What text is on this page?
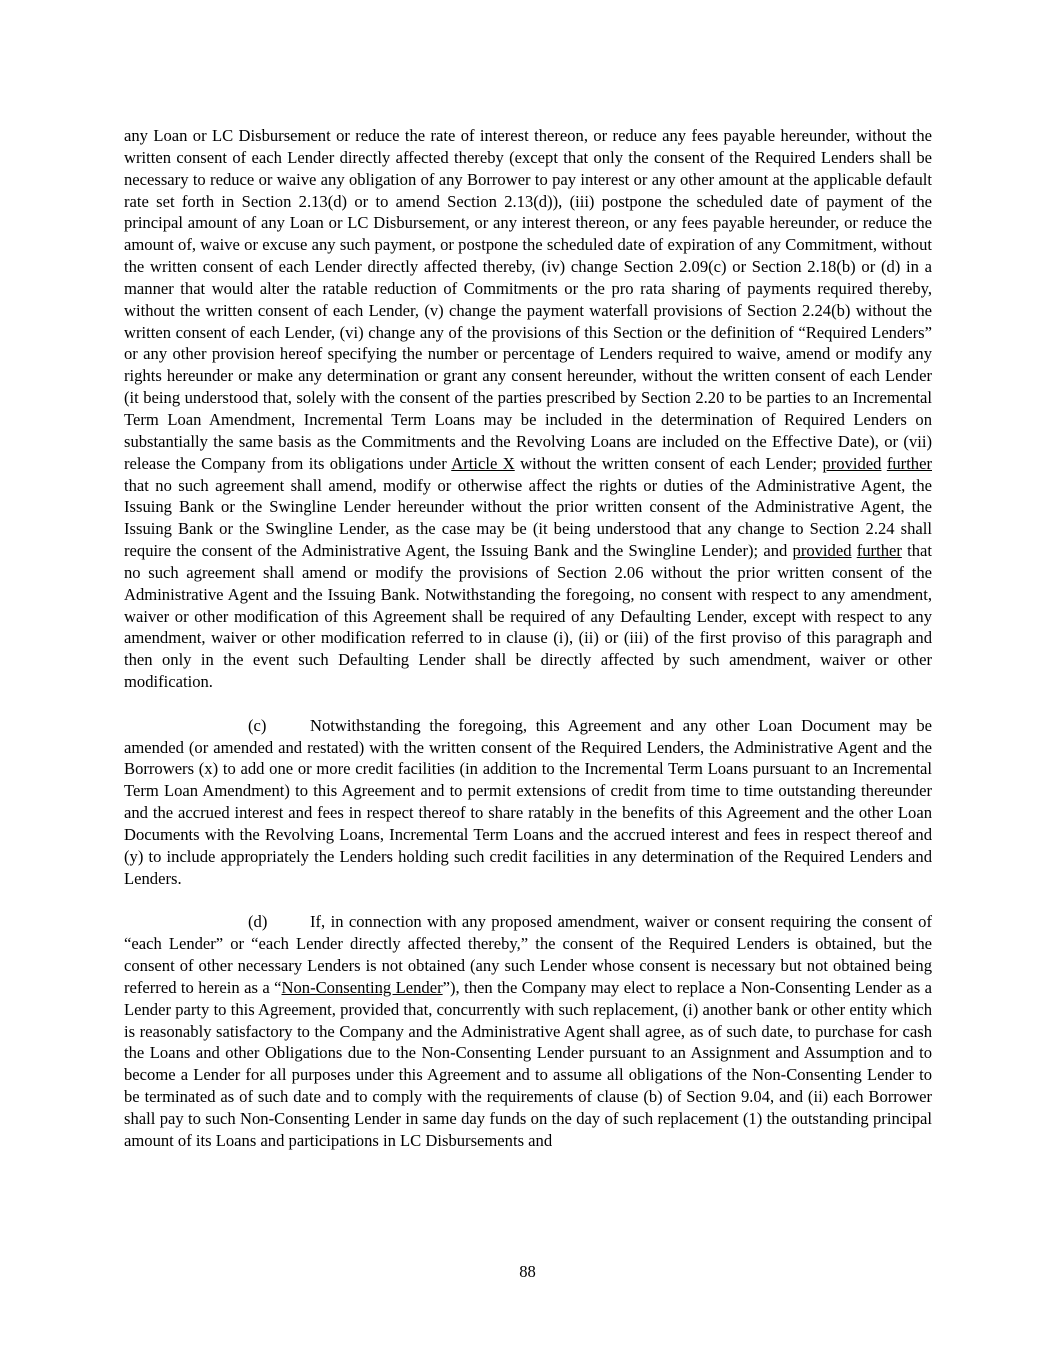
any Loan or LC Disbursement or reduce the rate of interest thereon, or reduce any fees payable hereunder, without the written consent of each Lender directly affected thereby (except that only the consent of the Required Lenders shall be necessary to reduce or waive any obligation of any Borrower to pay interest or any other amount at the applicable default rate set forth in Section 2.13(d) or to amend Section 2.13(d)), (iii) postpone the scheduled date of payment of the principal amount of any Loan or LC Disbursement, or any interest thereon, or any fees payable hereunder, or reduce the amount of, waive or excuse any such payment, or postpone the scheduled date of expiration of any Commitment, without the written consent of each Lender directly affected thereby, (iv) change Section 2.09(c) or Section 2.18(b) or (d) in a manner that would alter the ratable reduction of Commitments or the pro rata sharing of payments required thereby, without the written consent of each Lender, (v) change the payment waterfall provisions of Section 2.24(b) without the written consent of each Lender, (vi) change any of the provisions of this Section or the definition of “Required Lenders” or any other provision hereof specifying the number or percentage of Lenders required to waive, amend or modify any rights hereunder or make any determination or grant any consent hereunder, without the written consent of each Lender (it being understood that, solely with the consent of the parties prescribed by Section 2.20 to be parties to an Incremental Term Loan Amendment, Incremental Term Loans may be included in the determination of Required Lenders on substantially the same basis as the Commitments and the Revolving Loans are included on the Effective Date), or (vii) release the Company from its obligations under Article X without the written consent of each Lender; provided further that no such agreement shall amend, modify or otherwise affect the rights or duties of the Administrative Agent, the Issuing Bank or the Swingline Lender hereunder without the prior written consent of the Administrative Agent, the Issuing Bank or the Swingline Lender, as the case may be (it being understood that any change to Section 2.24 shall require the consent of the Administrative Agent, the Issuing Bank and the Swingline Lender); and provided further that no such agreement shall amend or modify the provisions of Section 2.06 without the prior written consent of the Administrative Agent and the Issuing Bank. Notwithstanding the foregoing, no consent with respect to any amendment, waiver or other modification of this Agreement shall be required of any Defaulting Lender, except with respect to any amendment, waiver or other modification referred to in clause (i), (ii) or (iii) of the first proviso of this paragraph and then only in the event such Defaulting Lender shall be directly affected by such amendment, waiver or other modification.

(c)	Notwithstanding the foregoing, this Agreement and any other Loan Document may be amended (or amended and restated) with the written consent of the Required Lenders, the Administrative Agent and the Borrowers (x) to add one or more credit facilities (in addition to the Incremental Term Loans pursuant to an Incremental Term Loan Amendment) to this Agreement and to permit extensions of credit from time to time outstanding thereunder and the accrued interest and fees in respect thereof to share ratably in the benefits of this Agreement and the other Loan Documents with the Revolving Loans, Incremental Term Loans and the accrued interest and fees in respect thereof and (y) to include appropriately the Lenders holding such credit facilities in any determination of the Required Lenders and Lenders.

(d)	If, in connection with any proposed amendment, waiver or consent requiring the consent of “each Lender” or “each Lender directly affected thereby,” the consent of the Required Lenders is obtained, but the consent of other necessary Lenders is not obtained (any such Lender whose consent is necessary but not obtained being referred to herein as a “Non-Consenting Lender”), then the Company may elect to replace a Non-Consenting Lender as a Lender party to this Agreement, provided that, concurrently with such replacement, (i) another bank or other entity which is reasonably satisfactory to the Company and the Administrative Agent shall agree, as of such date, to purchase for cash the Loans and other Obligations due to the Non-Consenting Lender pursuant to an Assignment and Assumption and to become a Lender for all purposes under this Agreement and to assume all obligations of the Non-Consenting Lender to be terminated as of such date and to comply with the requirements of clause (b) of Section 9.04, and (ii) each Borrower shall pay to such Non-Consenting Lender in same day funds on the day of such replacement (1) the outstanding principal amount of its Loans and participations in LC Disbursements and

88
